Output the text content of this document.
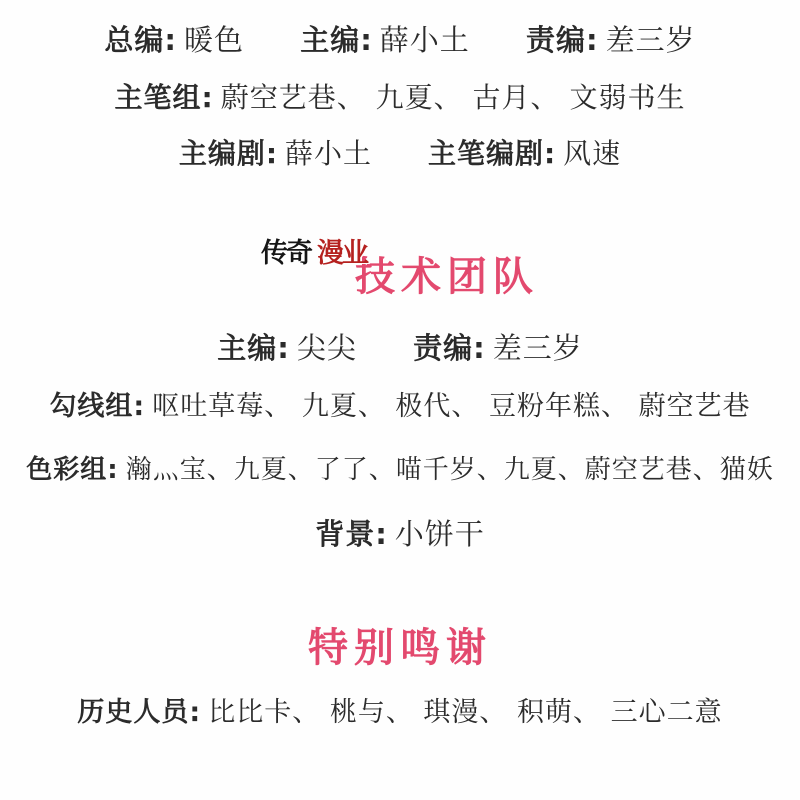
总编: 暖色 主编: 薛小土 责编: 差三岁
主笔组: 蔚空艺巷、 九夏、 古月、 文弱书生
主编剧: 薛小土 主笔编剧: 风速
传奇 漫业 技术团队
主编: 尖尖 责编: 差三岁
勾线组: 呕吐草莓、 九夏、 极代、 豆粉年糕、 蔚空艺巷
色彩组: 瀚灬宝、九夏、了了、喵千岁、九夏、蔚空艺巷、猫妖
背景: 小饼干
特别鸣谢
历史人员: 比比卡、 桃与、 琪漫、 积萌、 三心二意
